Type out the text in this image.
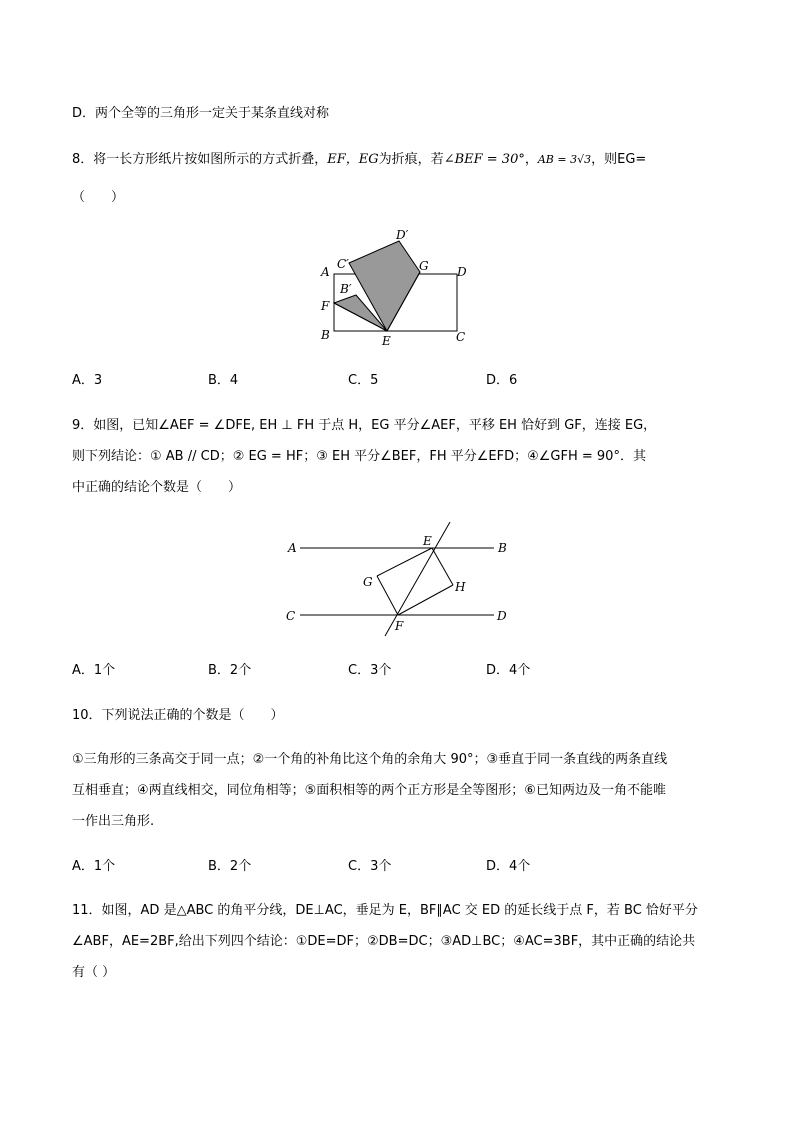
D．两个全等的三角形一定关于某条直线对称
8．将一长方形纸片按如图所示的方式折叠，EF，EG为折痕，若∠BEF = 30°，AB = 3√3，则EG=
（　　）
A
B	C
D
E
F
G
B′
C′
D′
A．3	B．4	C．5	D．6
9．如图，已知∠AEF = ∠DFE, EH ⊥ FH 于点 H，EG 平分∠AEF，平移 EH 恰好到 GF，连接 EG，
则下列结论：① AB // CD；② EG = HF；③ EH 平分∠BEF，FH 平分∠EFD；④∠GFH = 90°．其
中正确的结论个数是（　　）
A	B
C	D
E
F
G	H
A．1个	B．2个	C．3个	D．4个
10．下列说法正确的个数是（　　）
①三角形的三条高交于同一点；②一个角的补角比这个角的余角大 90°；③垂直于同一条直线的两条直线
互相垂直；④两直线相交，同位角相等；⑤面积相等的两个正方形是全等图形；⑥已知两边及一角不能唯
一作出三角形.
A．1个	B．2个	C．3个	D．4个
11．如图，AD 是△ABC 的角平分线，DE⊥AC，垂足为 E，BF∥AC 交 ED 的延长线于点 F，若 BC 恰好平分
∠ABF，AE=2BF,给出下列四个结论：①DE=DF；②DB=DC；③AD⊥BC；④AC=3BF，其中正确的结论共
有（ ）
